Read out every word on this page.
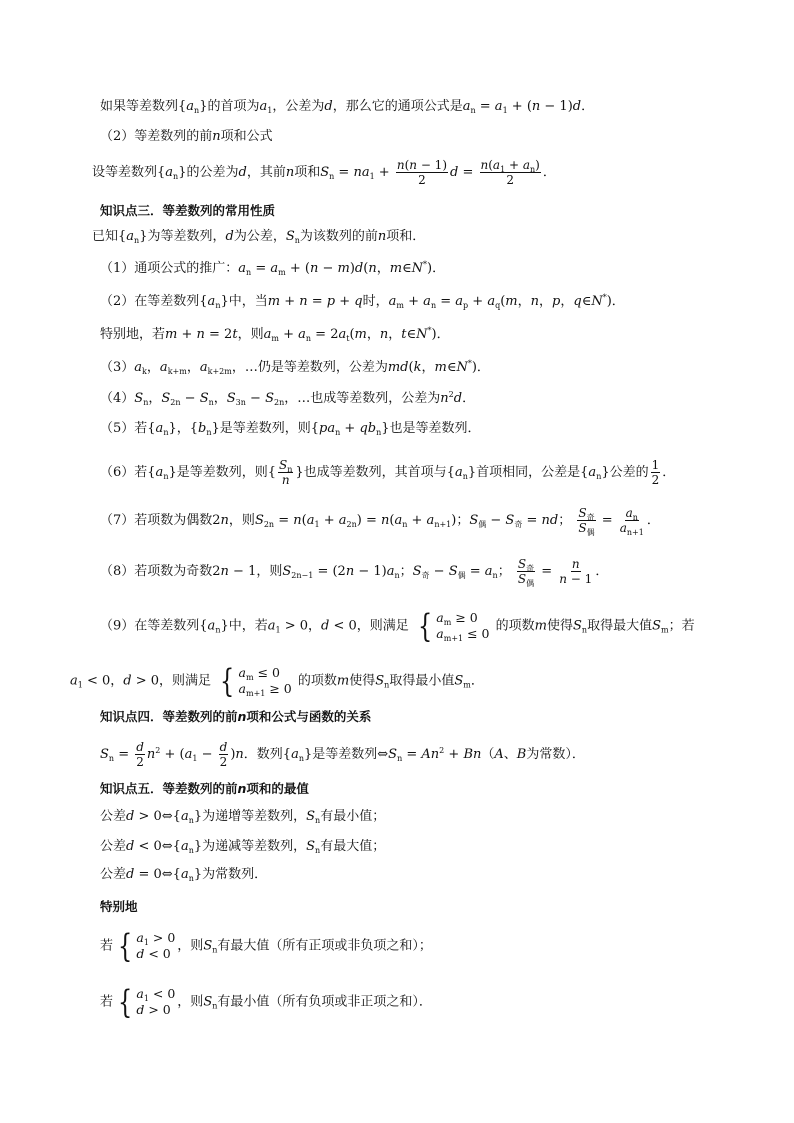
如果等差数列$\{a_n\}$的首项为$a_1$，公差为d，那么它的通项公式是$a_n = a_1 + (n - 1)d$．
（2）等差数列的前n项和公式
设等差数列$\{a_n\}$的公差为d，其前n项和$S_n = na_1 + \frac{n(n - 1)}{2}$ $d = \frac{n(a_1 + a_n)}{2}$ ．
知识点三．等差数列的常用性质
已知$\{a_n\}$为等差数列，d为公差，$S_n$为该数列的前n项和．
（1）通项公式的推广：$a_n = a_m + (n - m)d(n$，m∈N*)．
（2）在等差数列$\{a_n\}$中，当m + n = p + q时，$a_m + a_n = a_p + a_q(m$，n，p，q∈N*)．
特别地，若m + n = 2t，则$a_m + a_n = 2a_t(m$，n，t∈N*)．
$(3)a_k$，$a_{k+m}$，$a_{k+2m}$，…仍是等差数列，公差为md(k，m∈N*)．
$(4)S_n$，$S_{2n} - S_n$，$S_{3n} - S_{2n}$，…也成等差数列，公差为$n^2d$．
（5）若$\{a_n\}$，$\{b_n\}$是等差数列，则$\{pa_n + qb_n\}$也是等差数列．
（6）若$\{a_n\}$是等差数列，则{ $\frac{S_n}{n}$ }也成等差数列，其首项与$\{a_n\}$首项相同，公差是$\{a_n\}$公差的 $\frac{1}{2}$ ．
（7）若项数为偶数2n，则$S_{2n} = n(a_1 + a_{2n}) = n(a_n + a_{n+1})$；$S_偶 - S_奇$ = nd； $S_奇$
$S_偶$
= $\frac{a_n}{a_{n+1}}$ ．
（8）若项数为奇数2n − 1，则$S_{2n-1} = (2n - 1)a_n$；$S_奇 - S_偶 = a_n$； $S_奇$
$S_偶$
= $\frac{n}{n - 1}$ ．
（9）在等差数列$\{a_n\}$中，若$a_1 > 0$，d < 0，则满足 { $a_m \ge 0$
$a_{m+1} \le 0$ 的项数m使得$S_n$取得最大值$S_m$；若
$a_1 < 0$，d > 0，则满足 { $a_m \le 0$
$a_{m+1} \ge 0$ 的项数m使得$S_n$取得最小值$S_m$．
知识点四．等差数列的前n项和公式与函数的关系
$S_n = \frac{d}{2} n^2 + (a_1 - \frac{d}{2} )n$．数列$\{a_n\}$是等差数列$\Leftrightarrow S_n = An^2 + Bn(A$、B为常数）．
知识点五．等差数列的前n项和的最值
公差$d > 0\Leftrightarrow\{a_n\}$为递增等差数列，$S_n$有最小值；
公差$d < 0\Leftrightarrow\{a_n\}$为递减等差数列，$S_n$有最大值；
公差$d = 0\Leftrightarrow\{a_n\}$为常数列．
特别地
若 { $a_1 > 0$
d < 0 ，则$S_n$有最大值（所有正项或非负项之和）；
若 { $a_1 < 0$
d > 0 ，则$S_n$有最小值（所有负项或非正项之和）．
